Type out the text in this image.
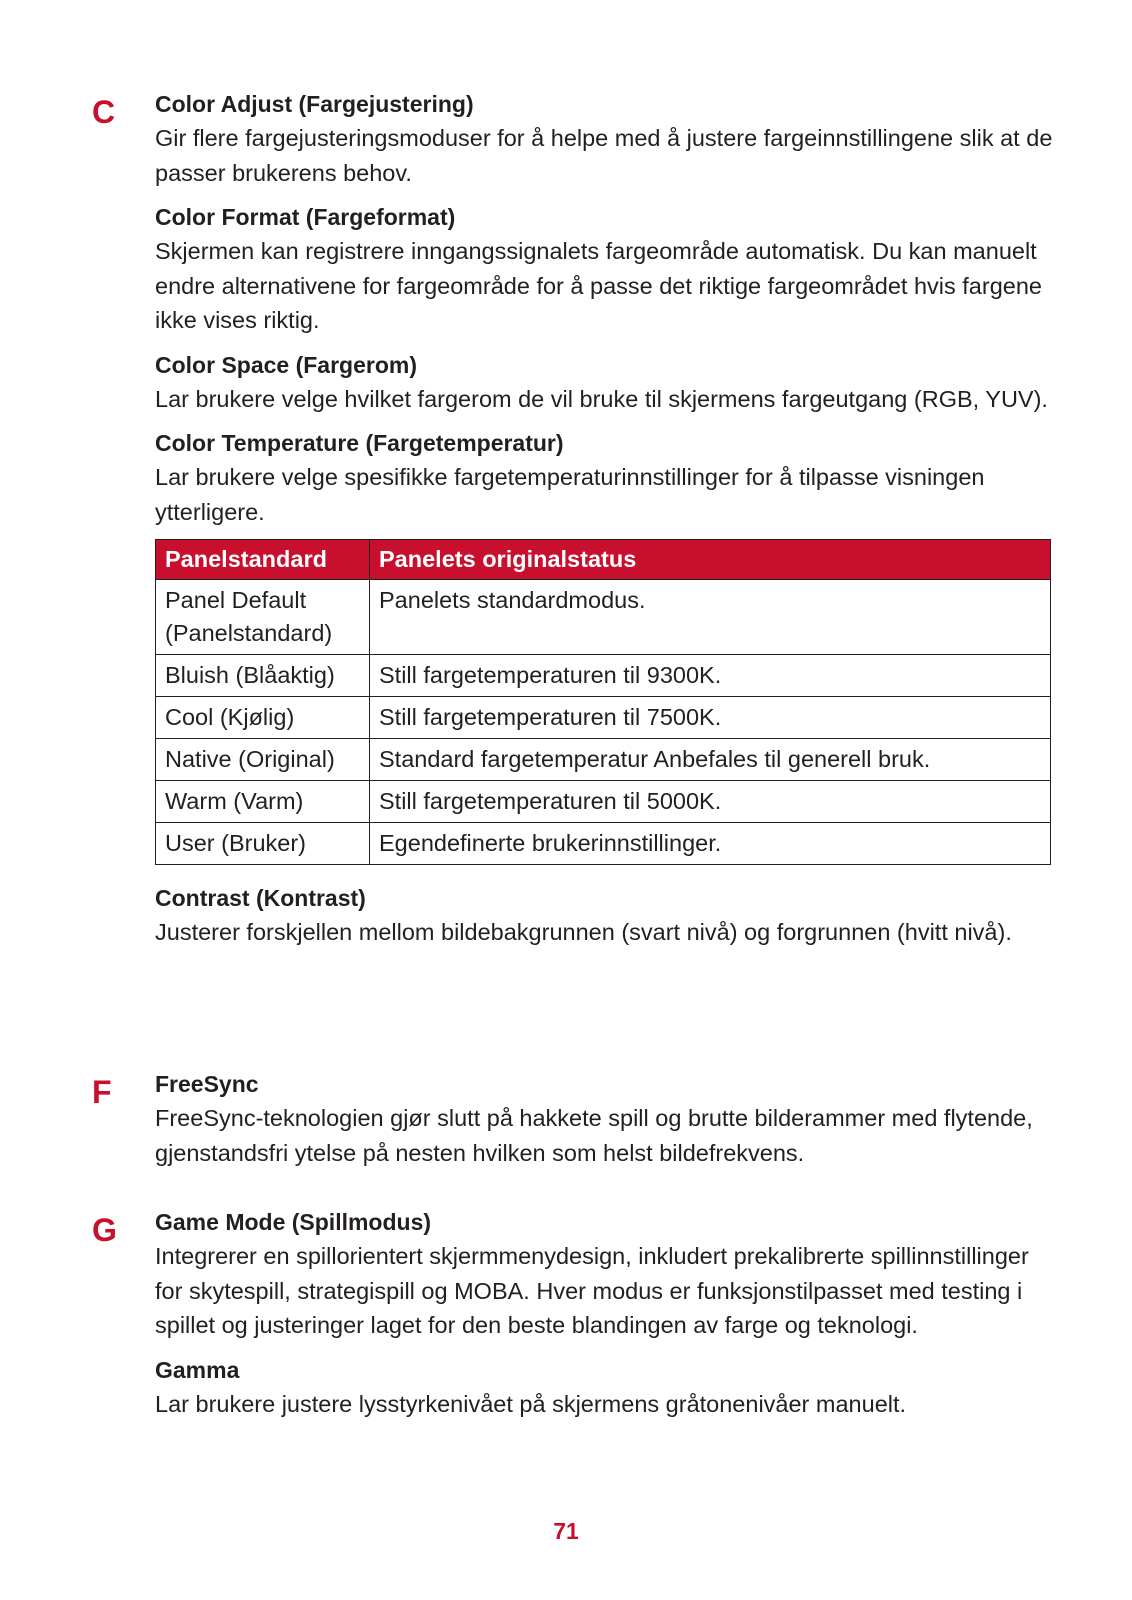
C Color Adjust (Fargejustering)

Gir flere fargejusteringsmoduser for å helpe med å justere fargeinnstillingene slik at de passer brukerens behov.

Color Format (Fargeformat)

Skjermen kan registrere inngangssignalets fargeområde automatisk. Du kan manuelt endre alternativene for fargeområde for å passe det riktige fargeområdet hvis fargene ikke vises riktig.

Color Space (Fargerom)

Lar brukere velge hvilket fargerom de vil bruke til skjermens fargeutgang (RGB, YUV).

Color Temperature (Fargetemperatur)

Lar brukere velge spesifikke fargetemperaturinnstillinger for å tilpasse visningen ytterligere.

Panelstandard	Panelets originalstatus
Panel Default (Panelstandard)	Panelets standardmodus.
Bluish (Blåaktig)	Still fargetemperaturen til 9300K.
Cool (Kjølig)	Still fargetemperaturen til 7500K.
Native (Original)	Standard fargetemperatur Anbefales til generell bruk.
Warm (Varm)	Still fargetemperaturen til 5000K.
User (Bruker)	Egendefinerte brukerinnstillinger.

Contrast (Kontrast)

Justerer forskjellen mellom bildebakgrunnen (svart nivå) og forgrunnen (hvitt nivå).

F FreeSync

FreeSync-teknologien gjør slutt på hakkete spill og brutte bilderammer med flytende, gjenstandsfri ytelse på nesten hvilken som helst bildefrekvens.

G Game Mode (Spillmodus)

Integrerer en spillorientert skjermmenydesign, inkludert prekalibrerte spillinnstillinger for skytespill, strategispill og MOBA. Hver modus er funksjonstilpasset med testing i spillet og justeringer laget for den beste blandingen av farge og teknologi.

Gamma

Lar brukere justere lysstyrkenivået på skjermens gråtonenivåer manuelt.

71
